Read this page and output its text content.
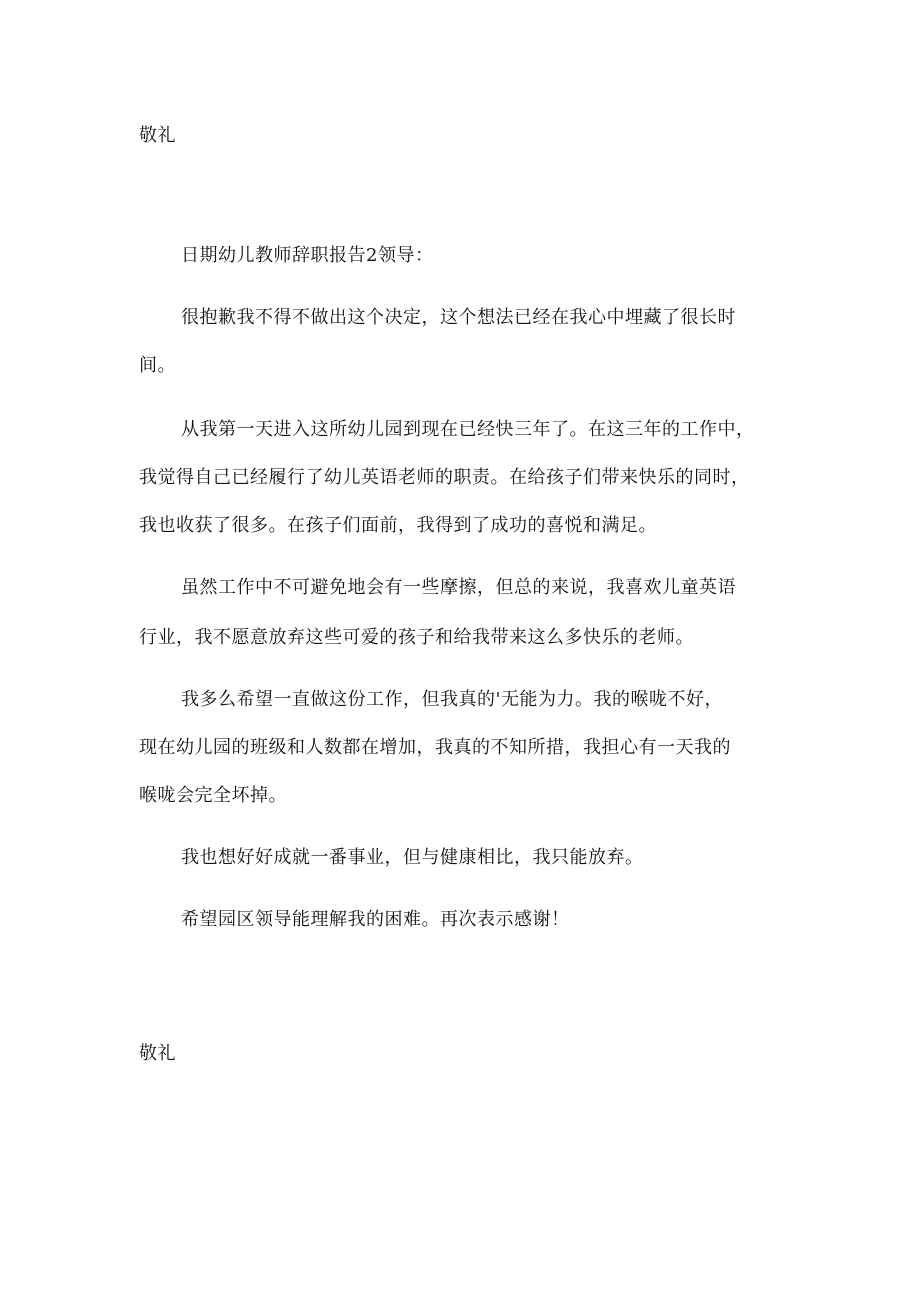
敬礼
日期幼儿教师辞职报告2领导：
很抱歉我不得不做出这个决定，这个想法已经在我心中埋藏了很长时
间。
从我第一天进入这所幼儿园到现在已经快三年了。在这三年的工作中，
我觉得自己已经履行了幼儿英语老师的职责。在给孩子们带来快乐的同时，
我也收获了很多。在孩子们面前，我得到了成功的喜悦和满足。
虽然工作中不可避免地会有一些摩擦，但总的来说，我喜欢儿童英语
行业，我不愿意放弃这些可爱的孩子和给我带来这么多快乐的老师。
我多么希望一直做这份工作，但我真的'无能为力。我的喉咙不好，
现在幼儿园的班级和人数都在增加，我真的不知所措，我担心有一天我的
喉咙会完全坏掉。
我也想好好成就一番事业，但与健康相比，我只能放弃。
希望园区领导能理解我的困难。再次表示感谢！
敬礼
